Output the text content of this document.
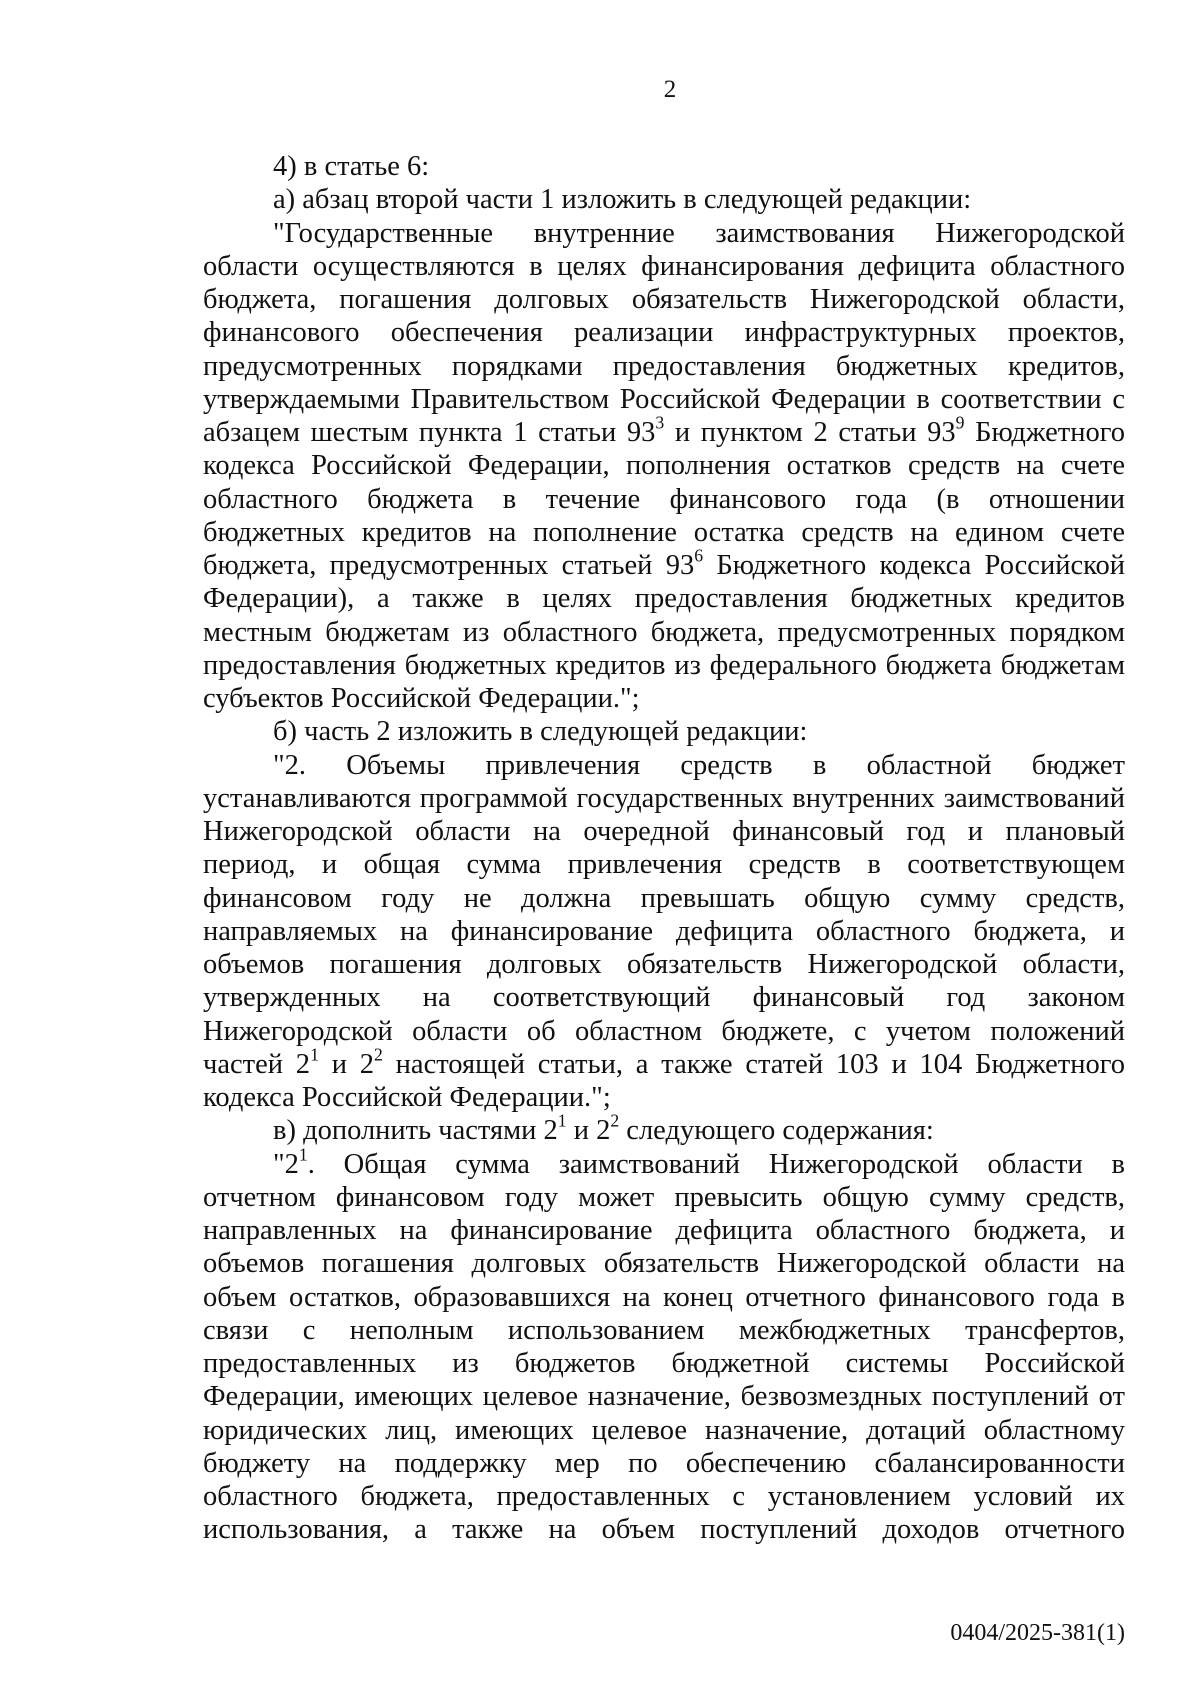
2

4) в статье 6:

а) абзац второй части 1 изложить в следующей редакции:

"Государственные внутренние заимствования Нижегородской

области осуществляются в целях финансирования дефицита областного

бюджета, погашения долговых обязательств Нижегородской области,

финансового обеспечения реализации инфраструктурных проектов,

предусмотренных порядками предоставления бюджетных кредитов,

утверждаемыми Правительством Российской Федерации в соответствии с

абзацем шестым пункта 1 статьи $93^3$ и пунктом 2 статьи $93^9$ Бюджетного

кодекса Российской Федерации, пополнения остатков средств на счете

областного бюджета в течение финансового года (в отношении

бюджетных кредитов на пополнение остатка средств на едином счете

бюджета, предусмотренных статьей $93^6$ Бюджетного кодекса Российской

Федерации), а также в целях предоставления бюджетных кредитов

местным бюджетам из областного бюджета, предусмотренных порядком

предоставления бюджетных кредитов из федерального бюджета бюджетам

субъектов Российской Федерации.";

б) часть 2 изложить в следующей редакции:

"2. Объемы привлечения средств в областной бюджет

устанавливаются программой государственных внутренних заимствований

Нижегородской области на очередной финансовый год и плановый

период, и общая сумма привлечения средств в соответствующем

финансовом году не должна превышать общую сумму средств,

направляемых на финансирование дефицита областного бюджета, и

объемов погашения долговых обязательств Нижегородской области,

утвержденных на соответствующий финансовый год законом

Нижегородской области об областном бюджете, с учетом положений

частей $2^1$ и $2^2$ настоящей статьи, а также статей 103 и 104 Бюджетного

кодекса Российской Федерации.";

в) дополнить частями $2^1$ и $2^2$ следующего содержания:

"$2^1$. Общая сумма заимствований Нижегородской области в

отчетном финансовом году может превысить общую сумму средств,

направленных на финансирование дефицита областного бюджета, и

объемов погашения долговых обязательств Нижегородской области на

объем остатков, образовавшихся на конец отчетного финансового года в

связи с неполным использованием межбюджетных трансфертов,

предоставленных из бюджетов бюджетной системы Российской

Федерации, имеющих целевое назначение, безвозмездных поступлений от

юридических лиц, имеющих целевое назначение, дотаций областному

бюджету на поддержку мер по обеспечению сбалансированности

областного бюджета, предоставленных с установлением условий их

использования, а также на объем поступлений доходов отчетного

0404/2025-381(1)
